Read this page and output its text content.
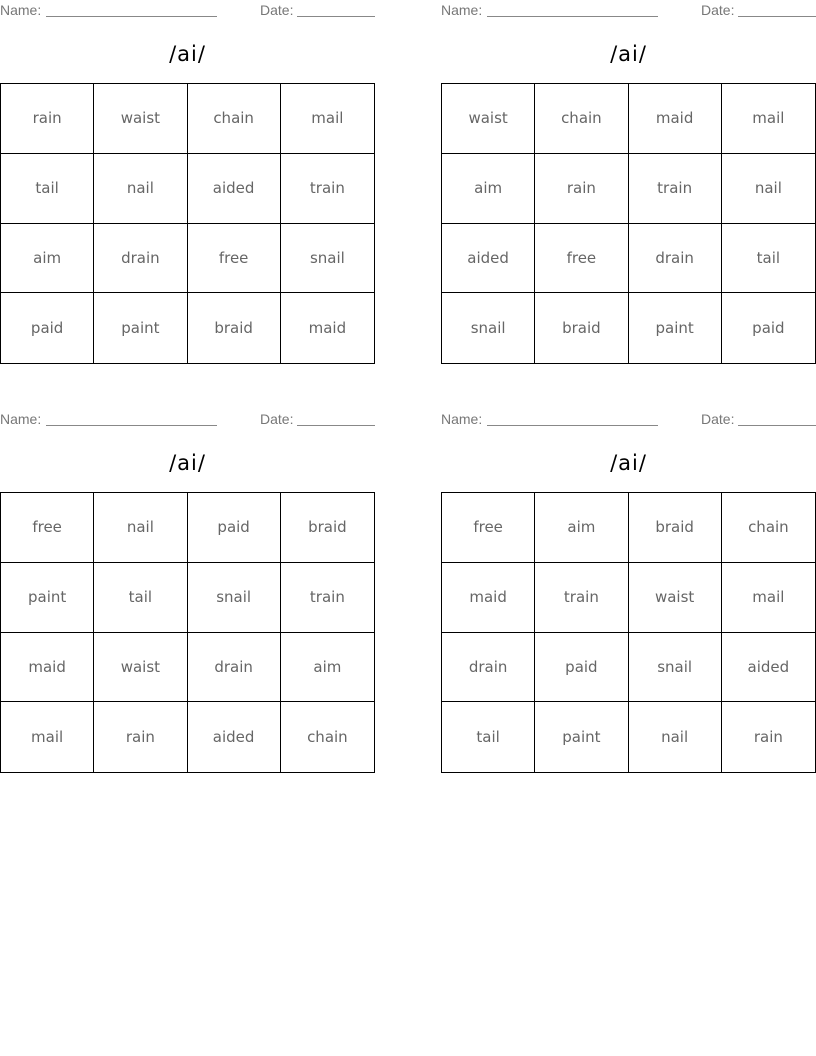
Name:	Date:
/ai/
rain	waist	chain	mail
tail	nail	aided	train
aim	drain	free	snail
paid	paint	braid	maid
Name:	Date:
/ai/
waist	chain	maid	mail
aim	rain	train	nail
aided	free	drain	tail
snail	braid	paint	paid
Name:	Date:
/ai/
free	nail	paid	braid
paint	tail	snail	train
maid	waist	drain	aim
mail	rain	aided	chain
Name:	Date:
/ai/
free	aim	braid	chain
maid	train	waist	mail
drain	paid	snail	aided
tail	paint	nail	rain
